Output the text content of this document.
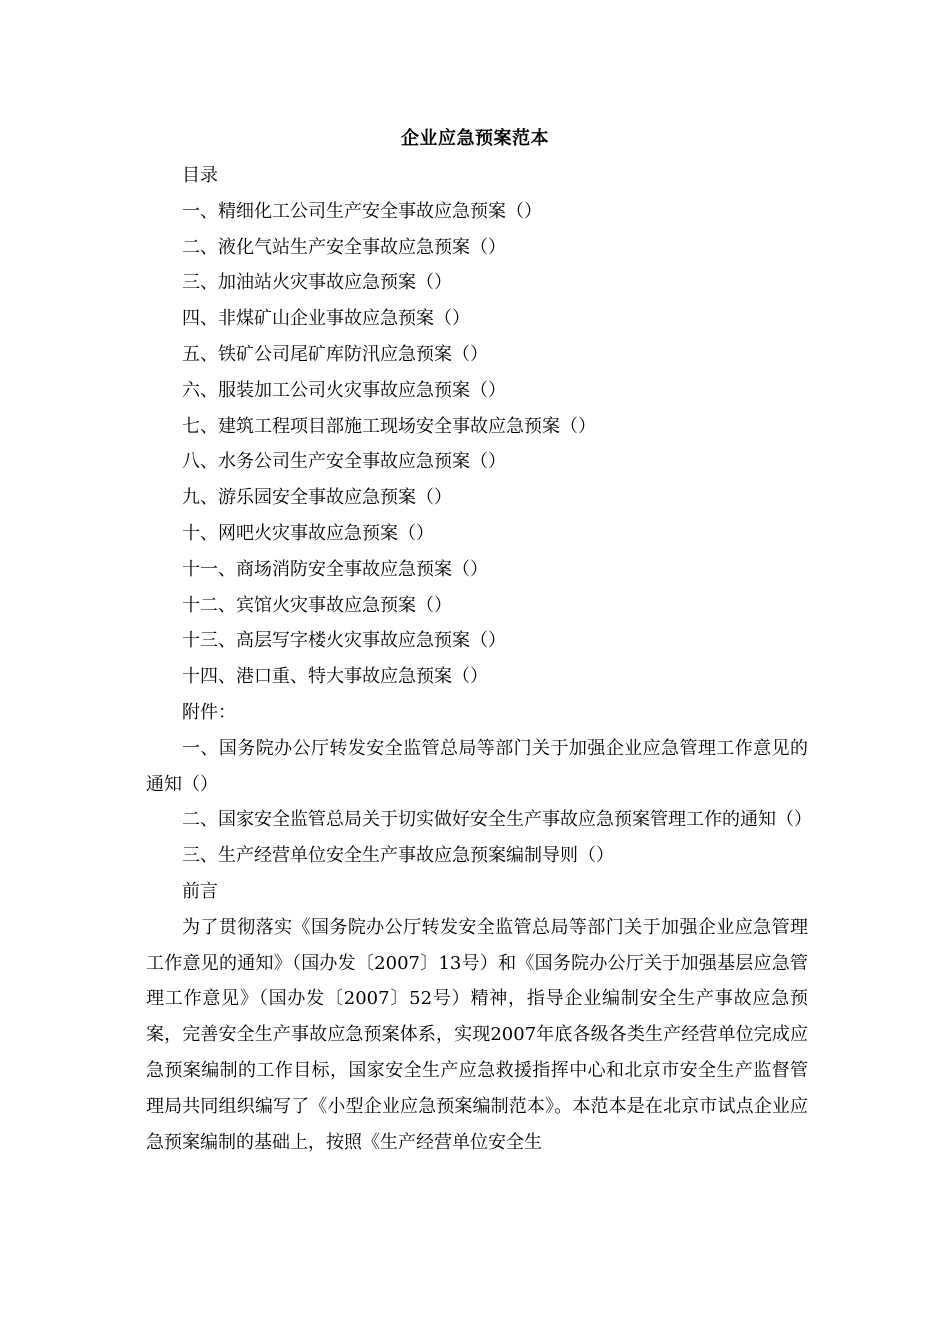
企业应急预案范本
目录
一、精细化工公司生产安全事故应急预案（）
二、液化气站生产安全事故应急预案（）
三、加油站火灾事故应急预案（）
四、非煤矿山企业事故应急预案（）
五、铁矿公司尾矿库防汛应急预案（）
六、服装加工公司火灾事故应急预案（）
七、建筑工程项目部施工现场安全事故应急预案（）
八、水务公司生产安全事故应急预案（）
九、游乐园安全事故应急预案（）
十、网吧火灾事故应急预案（）
十一、商场消防安全事故应急预案（）
十二、宾馆火灾事故应急预案（）
十三、高层写字楼火灾事故应急预案（）
十四、港口重、特大事故应急预案（）
附件：
一、国务院办公厅转发安全监管总局等部门关于加强企业应急管理工作意见的通知（）
二、国家安全监管总局关于切实做好安全生产事故应急预案管理工作的通知（）
三、生产经营单位安全生产事故应急预案编制导则（）
前言
为了贯彻落实《国务院办公厅转发安全监管总局等部门关于加强企业应急管理工作意见的通知》（国办发〔2007〕13号）和《国务院办公厅关于加强基层应急管理工作意见》（国办发〔2007〕52号）精神，指导企业编制安全生产事故应急预案，完善安全生产事故应急预案体系，实现2007年底各级各类生产经营单位完成应急预案编制的工作目标，国家安全生产应急救援指挥中心和北京市安全生产监督管理局共同组织编写了《小型企业应急预案编制范本》。本范本是在北京市试点企业应急预案编制的基础上，按照《生产经营单位安全生
